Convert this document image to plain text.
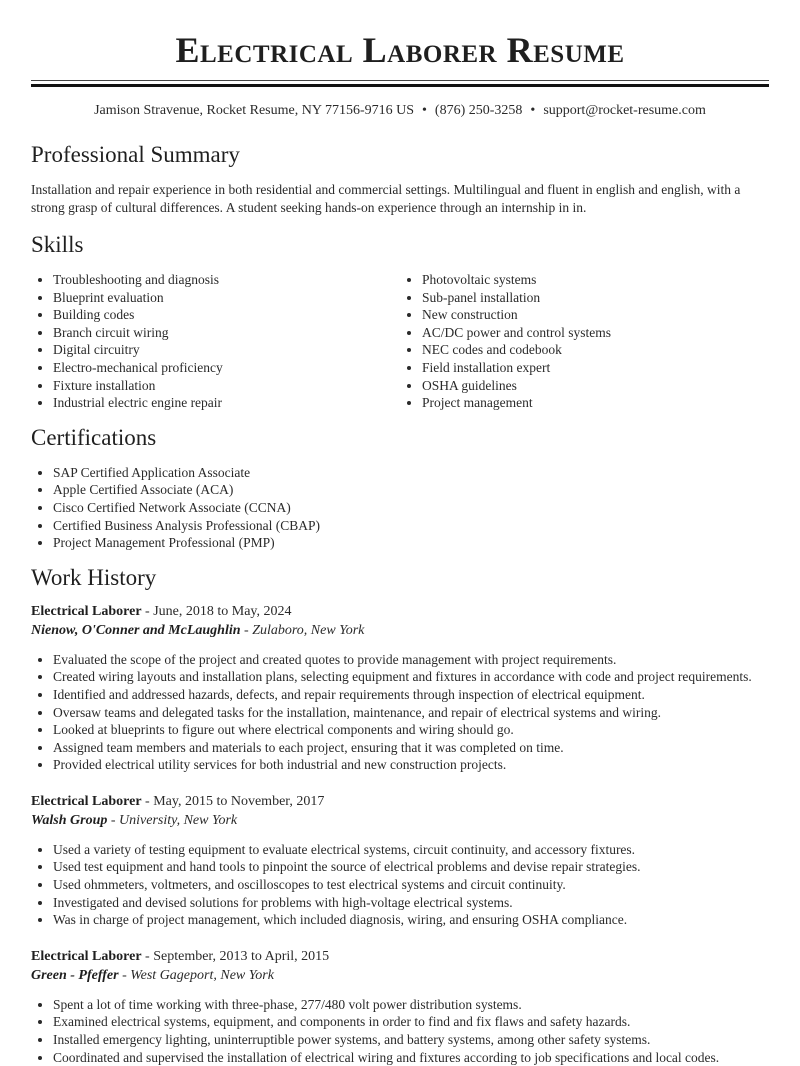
Electrical Laborer Resume
Jamison Stravenue, Rocket Resume, NY 77156-9716 US • (876) 250-3258 • support@rocket-resume.com
Professional Summary

Installation and repair experience in both residential and commercial settings. Multilingual and fluent in english and english, with a strong grasp of cultural differences. A student seeking hands-on experience through an internship in in.

Skills
• Troubleshooting and diagnosis
• Blueprint evaluation
• Building codes
• Branch circuit wiring
• Digital circuitry
• Electro-mechanical proficiency
• Fixture installation
• Industrial electric engine repair
• Photovoltaic systems
• Sub-panel installation
• New construction
• AC/DC power and control systems
• NEC codes and codebook
• Field installation expert
• OSHA guidelines
• Project management
Certifications
• SAP Certified Application Associate
• Apple Certified Associate (ACA)
• Cisco Certified Network Associate (CCNA)
• Certified Business Analysis Professional (CBAP)
• Project Management Professional (PMP)
Work History
Electrical Laborer - June, 2018 to May, 2024
Nienow, O'Conner and McLaughlin - Zulaboro, New York
• Evaluated the scope of the project and created quotes to provide management with project requirements.
• Created wiring layouts and installation plans, selecting equipment and fixtures in accordance with code and project requirements.
• Identified and addressed hazards, defects, and repair requirements through inspection of electrical equipment.
• Oversaw teams and delegated tasks for the installation, maintenance, and repair of electrical systems and wiring.
• Looked at blueprints to figure out where electrical components and wiring should go.
• Assigned team members and materials to each project, ensuring that it was completed on time.
• Provided electrical utility services for both industrial and new construction projects.
Electrical Laborer - May, 2015 to November, 2017
Walsh Group - University, New York
• Used a variety of testing equipment to evaluate electrical systems, circuit continuity, and accessory fixtures.
• Used test equipment and hand tools to pinpoint the source of electrical problems and devise repair strategies.
• Used ohmmeters, voltmeters, and oscilloscopes to test electrical systems and circuit continuity.
• Investigated and devised solutions for problems with high-voltage electrical systems.
• Was in charge of project management, which included diagnosis, wiring, and ensuring OSHA compliance.
Electrical Laborer - September, 2013 to April, 2015
Green - Pfeffer - West Gageport, New York
• Spent a lot of time working with three-phase, 277/480 volt power distribution systems.
• Examined electrical systems, equipment, and components in order to find and fix flaws and safety hazards.
• Installed emergency lighting, uninterruptible power systems, and battery systems, among other safety systems.
• Coordinated and supervised the installation of electrical wiring and fixtures according to job specifications and local codes.
